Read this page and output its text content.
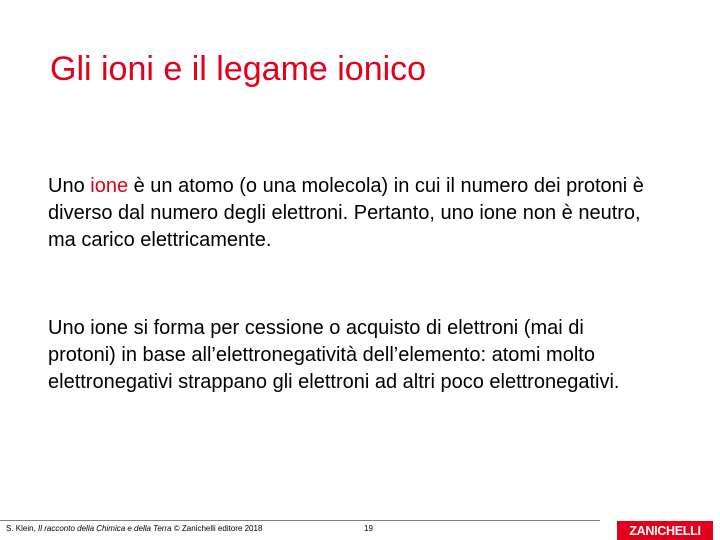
Gli ioni e il legame ionico
Uno ione è un atomo (o una molecola) in cui il numero dei protoni è diverso dal numero degli elettroni. Pertanto, uno ione non è neutro, ma carico elettricamente.
Uno ione si forma per cessione o acquisto di elettroni (mai di protoni) in base all’elettronegatività dell’elemento: atomi molto elettronegativi strappano gli elettroni ad altri poco elettronegativi.
S. Klein, Il racconto della Chimica e della Terra © Zanichelli editore 2018	19	ZANICHELLI
